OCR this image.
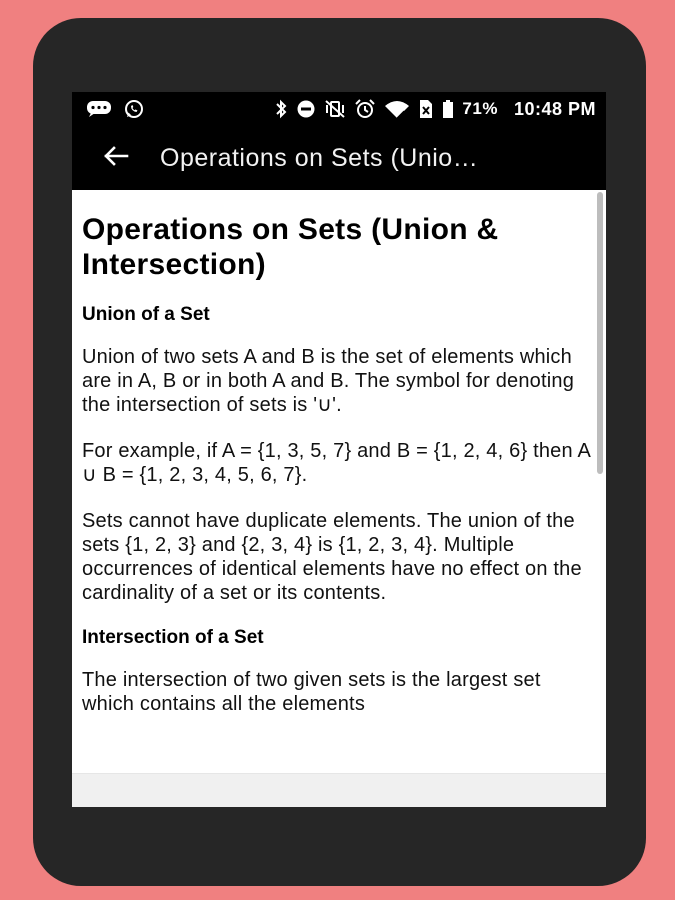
71% 10:48 PM
Operations on Sets (Unio…
Operations on Sets (Union & Intersection)
Union of a Set

Union of two sets A and B is the set of elements which are in A, B or in both A and B. The symbol for denoting the intersection of sets is '∪'.

For example, if A = {1, 3, 5, 7} and B = {1, 2, 4, 6} then A ∪ B = {1, 2, 3, 4, 5, 6, 7}.

Sets cannot have duplicate elements. The union of the sets {1, 2, 3} and {2, 3, 4} is {1, 2, 3, 4}. Multiple occurrences of identical elements have no effect on the cardinality of a set or its contents.

Intersection of a Set

The intersection of two given sets is the largest set which contains all the elements
